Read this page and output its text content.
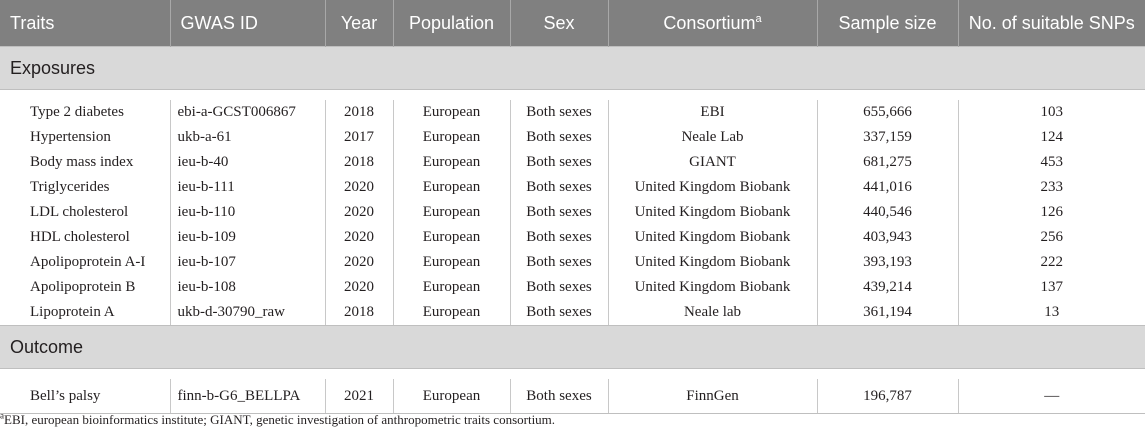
Traits	GWAS ID	Year	Population	Sex	Consortium$^a$	Sample size	No. of suitable SNPs
Exposures							

Type 2 diabetes	ebi-a-GCST006867	2018	European	Both sexes	EBI	655,666	103
Hypertension	ukb-a-61	2017	European	Both sexes	Neale Lab	337,159	124
Body mass index	ieu-b-40	2018	European	Both sexes	GIANT	681,275	453
Triglycerides	ieu-b-111	2020	European	Both sexes	United Kingdom Biobank	441,016	233
LDL cholesterol	ieu-b-110	2020	European	Both sexes	United Kingdom Biobank	440,546	126
HDL cholesterol	ieu-b-109	2020	European	Both sexes	United Kingdom Biobank	403,943	256
Apolipoprotein A-I	ieu-b-107	2020	European	Both sexes	United Kingdom Biobank	393,193	222
Apolipoprotein B	ieu-b-108	2020	European	Both sexes	United Kingdom Biobank	439,214	137
Lipoprotein A	ukb-d-30790_raw	2018	European	Both sexes	Neale lab	361,194	13
Outcome							

Bell’s palsy	finn-b-G6_BELLPA	2021	European	Both sexes	FinnGen	196,787	—
$^a$EBI, european bioinformatics institute; GIANT, genetic investigation of anthropometric traits consortium.
